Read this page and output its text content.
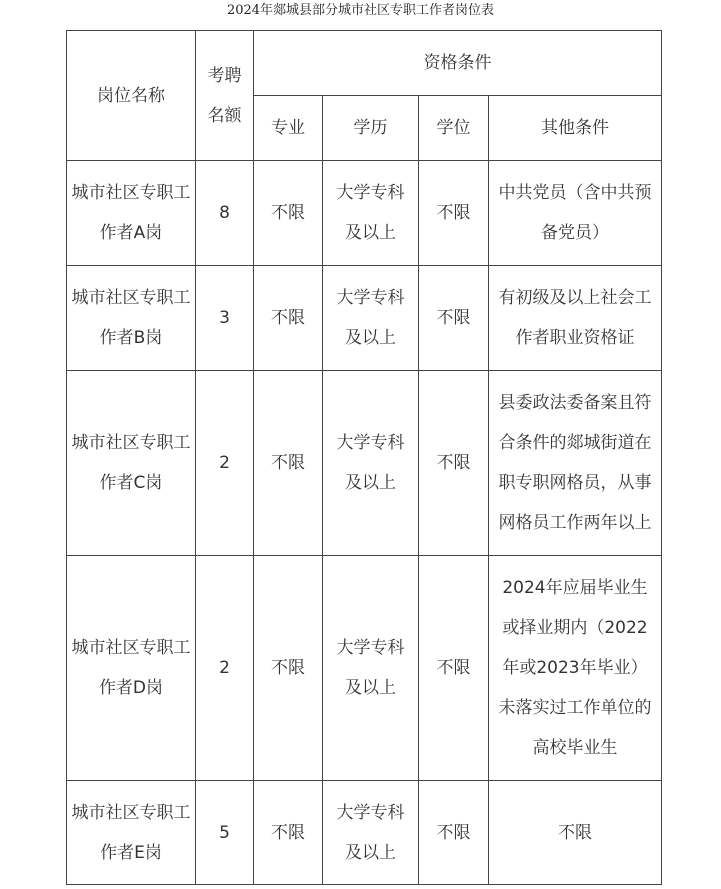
2024年郯城县部分城市社区专职工作者岗位表
岗位名称	考聘名额	资格条件			
		专业	学历	学位	其他条件

城市社区专职工作者A岗	8	不限	大学专科及以上	不限	中共党员（含中共预备党员）

城市社区专职工作者B岗	3	不限	大学专科及以上	不限	有初级及以上社会工作者职业资格证

城市社区专职工作者C岗	2	不限	大学专科及以上	不限	县委政法委备案且符合条件的郯城街道在职专职网格员，从事网格员工作两年以上

城市社区专职工作者D岗	2	不限	大学专科及以上	不限	2024年应届毕业生或择业期内（2022年或2023年毕业）未落实过工作单位的高校毕业生

城市社区专职工作者E岗	5	不限	大学专科及以上	不限	不限
